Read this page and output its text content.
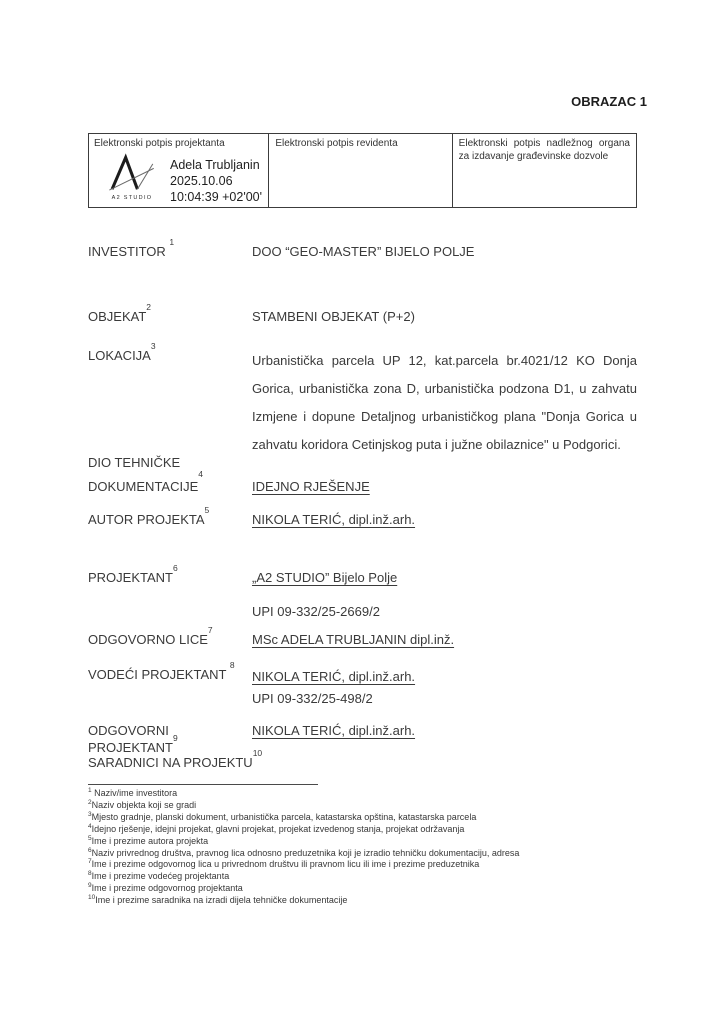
OBRAZAC 1
Elektronski potpis projektanta
A2 STUDIO
Adela Trubljanin
2025.10.06
10:04:39 +02'00'
Elektronski potpis revidenta	Elektronski potpis nadležnog organa za izdavanje građevinske dozvole
INVESTITOR $^1$
DOO “GEO-MASTER” BIJELO POLJE
OBJEKAT$^2$
STAMBENI OBJEKAT (P+2)
LOKACIJA$^3$
Urbanistička parcela UP 12, kat.parcela br.4021/12 KO Donja Gorica, urbanistička zona D, urbanistička podzona D1, u zahvatu Izmjene i dopune Detaljnog urbanističkog plana "Donja Gorica u zahvatu koridora Cetinjskog puta i južne obilaznice" u Podgorici.
DIO TEHNIČKE
DOKUMENTACIJE$^4$
IDEJNO RJEŠENJE
AUTOR PROJEKTA$^5$
NIKOLA TERIĆ, dipl.inž.arh.
PROJEKTANT$^6$
„A2 STUDIO” Bijelo Polje
UPI 09-332/25-2669/2
ODGOVORNO LICE$^7$
MSc ADELA TRUBLJANIN dipl.inž.
VODEĆI PROJEKTANT $^8$
NIKOLA TERIĆ, dipl.inž.arh.
UPI 09-332/25-498/2
ODGOVORNI PROJEKTANT$^9$	NIKOLA TERIĆ, dipl.inž.arh.
SARADNICI NA PROJEKTU$^{10}$
$^1$ Naziv/ime investitora
$^2$Naziv objekta koji se gradi
$^3$Mjesto gradnje, planski dokument, urbanistička parcela, katastarska opština, katastarska parcela
$^4$Idejno rješenje, idejni projekat, glavni projekat, projekat izvedenog stanja, projekat održavanja
$^5$Ime i prezime autora projekta
$^6$Naziv privrednog društva, pravnog lica odnosno preduzetnika koji je izradio tehničku dokumentaciju, adresa
$^7$Ime i prezime odgovornog lica u privrednom društvu ili pravnom licu ili ime i prezime preduzetnika
$^8$Ime i prezime vodećeg projektanta
$^9$Ime i prezime odgovornog projektanta
$^{10}$Ime i prezime saradnika na izradi dijela tehničke dokumentacije
